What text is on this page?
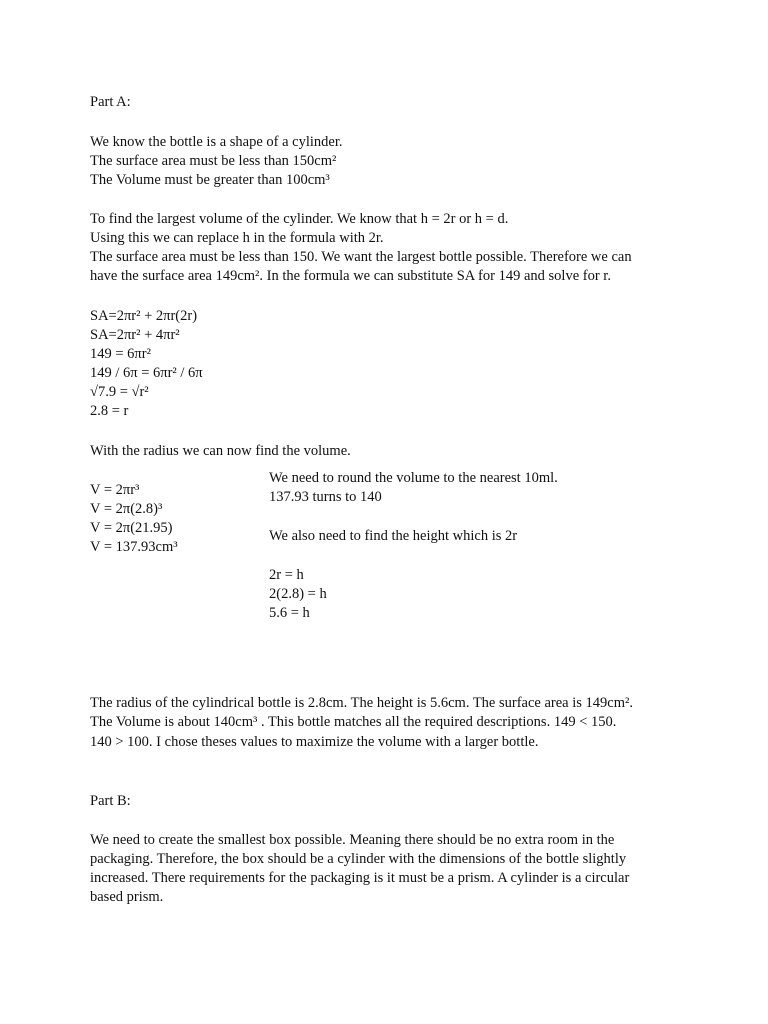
Part A:
We know the bottle is a shape of a cylinder.
The surface area must be less than 150cm²
The Volume must be greater than 100cm³
To find the largest volume of the cylinder. We know that h = 2r or h = d.
Using this we can replace h in the formula with 2r.
The surface area must be less than 150. We want the largest bottle possible. Therefore we can
have the surface area 149cm². In the formula we can substitute SA for 149 and solve for r.
SA=2πr² + 2πr(2r)
SA=2πr² + 4πr²
149 = 6πr²
149 / 6π = 6πr² / 6π
√7.9 = √r²
2.8 = r
With the radius we can now find the volume.
V = 2πr³
V = 2π(2.8)³
V = 2π(21.95)
V = 137.93cm³
We need to round the volume to the nearest 10ml.
137.93 turns to 140
We also need to find the height which is 2r
2r = h
2(2.8) = h
5.6 = h
The radius of the cylindrical bottle is 2.8cm. The height is 5.6cm. The surface area is 149cm².
The Volume is about 140cm³ . This bottle matches all the required descriptions. 149 < 150.
140 > 100. I chose theses values to maximize the volume with a larger bottle.
Part B:
We need to create the smallest box possible. Meaning there should be no extra room in the
packaging. Therefore, the box should be a cylinder with the dimensions of the bottle slightly
increased. There requirements for the packaging is it must be a prism. A cylinder is a circular
based prism.
